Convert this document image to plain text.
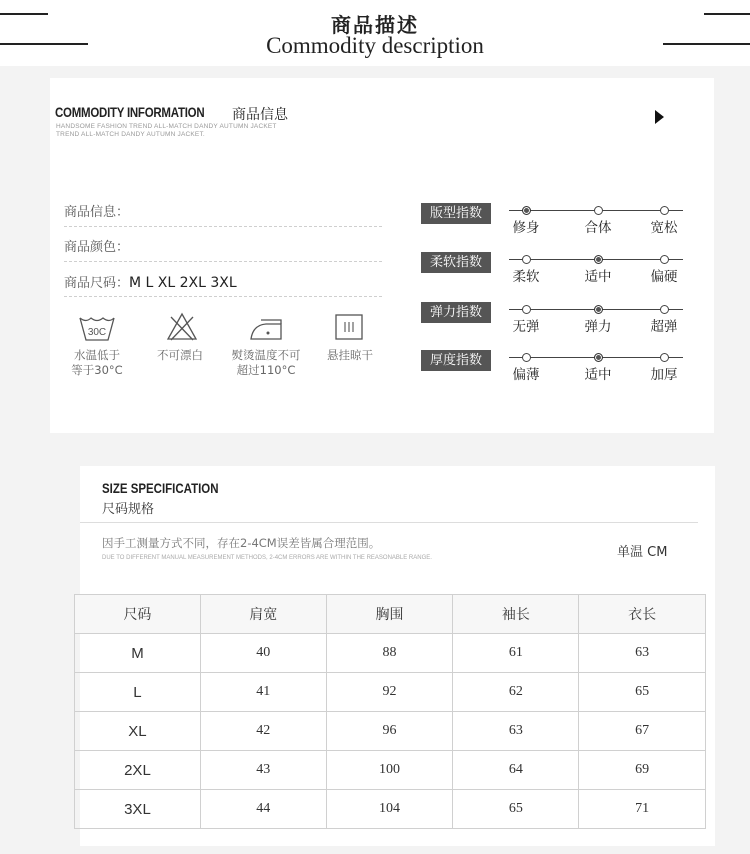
商品描述
Commodity description
COMMODITY INFORMATION 商品信息
HANDSOME FASHION TREND ALL-MATCH DANDY AUTUMN JACKET
TREND ALL-MATCH DANDY AUTUMN JACKET.
商品信息：
商品颜色：
商品尺码：M L XL 2XL 3XL
30C
水温低于
等于30°C
不可漂白	熨烫温度不可
超过110°C
悬挂晾干
版型指数
修身	合体	宽松
柔软指数
柔软	适中	偏硬
弹力指数
无弹	弹力	超弹
厚度指数
偏薄	适中	加厚
SIZE SPECIFICATION
尺码规格
因手工测量方式不同，存在2-4CM误差皆属合理范围。
DUE TO DIFFERENT MANUAL MEASUREMENT METHODS, 2-4CM ERRORS ARE WITHIN THE REASONABLE RANGE.	单温 CM
尺码	肩宽	胸围	袖长	衣长
M	40	88	61	63
L	41	92	62	65
XL	42	96	63	67
2XL	43	100	64	69
3XL	44	104	65	71
